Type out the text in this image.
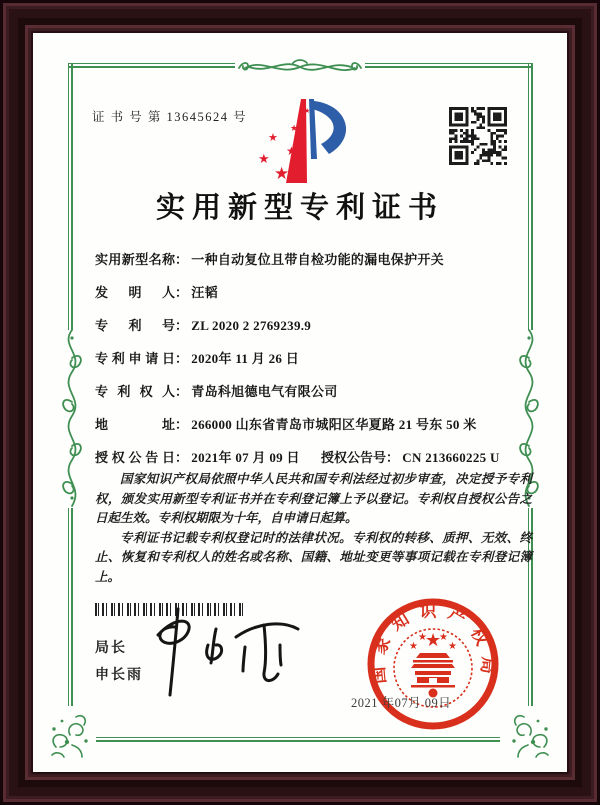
证 书 号 第 13645624 号
★
★
★
★
★
★
实用新型专利证书
实用新型名称： 一种自动复位且带自检功能的漏电保护开关
发明人： 汪韬
专利号： ZL 2020 2 2769239.9
专利申请日： 2020年 11 月 26 日
专利权人： 青岛科旭德电气有限公司
地址： 266000 山东省青岛市城阳区华夏路 21 号东 50 米
授权公告日： 2021年 07 月 09 日 授权公告号： CN 213660225 U

国家知识产权局依照中华人民共和国专利法经过初步审查，决定授予专利权，颁发实用新型专利证书并在专利登记簿上予以登记。专利权自授权公告之日起生效。专利权期限为十年，自申请日起算。

专利证书记载专利权登记时的法律状况。专利权的转移、质押、无效、终止、恢复和专利权人的姓名或名称、国籍、地址变更等事项记载在专利登记簿上。

局长
申长雨	国家知识产权局
★
★
★ ★
★
2021 年07月 09日
